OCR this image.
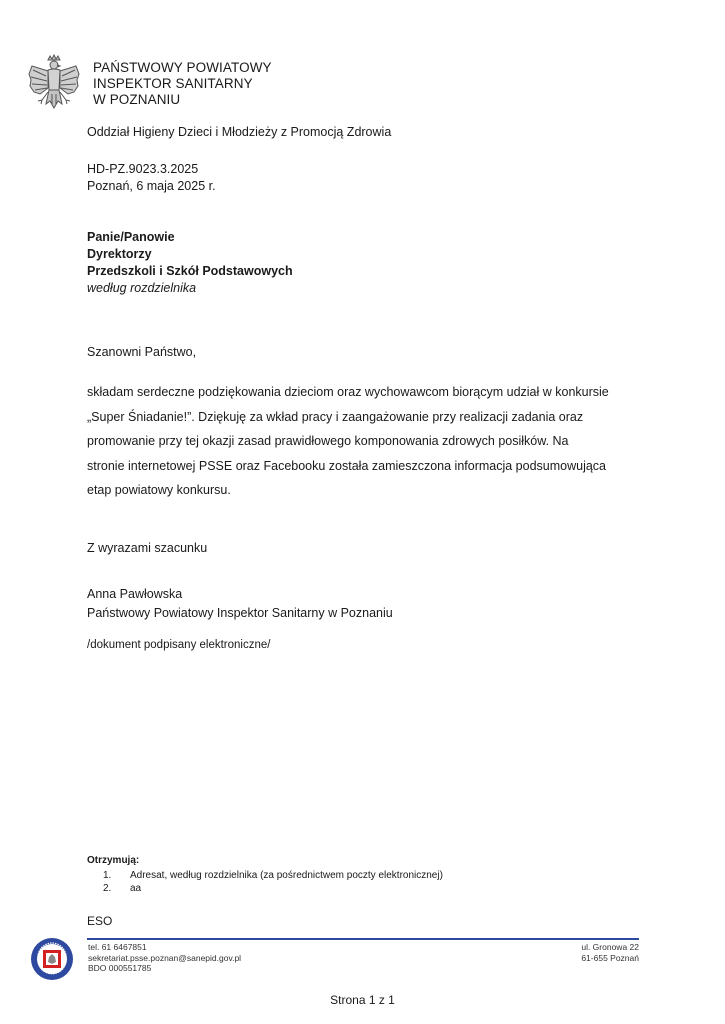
PAŃSTWOWY POWIATOWY
INSPEKTOR SANITARNY
W POZNANIU
Oddział Higieny Dzieci i Młodzieży z Promocją Zdrowia
HD-PZ.9023.3.2025
Poznań, 6 maja 2025 r.
Panie/Panowie
Dyrektorzy
Przedszkoli i Szkół Podstawowych
według rozdzielnika
Szanowni Państwo,
składam serdeczne podziękowania dzieciom oraz wychowawcom biorącym udział w konkursie
„Super Śniadanie!”. Dziękuję za wkład pracy i zaangażowanie przy realizacji zadania oraz
promowanie przy tej okazji zasad prawidłowego komponowania zdrowych posiłków. Na
stronie internetowej PSSE oraz Facebooku została zamieszczona informacja podsumowująca
etap powiatowy konkursu.
Z wyrazami szacunku
Anna Pawłowska
Państwowy Powiatowy Inspektor Sanitarny w Poznaniu
/dokument podpisany elektroniczne/
Otrzymują:
1.	Adresat, według rozdzielnika (za pośrednictwem poczty elektronicznej)
2.	aa
ESO
tel. 61 6467851
sekretariat.psse.poznan@sanepid.gov.pl
BDO 000551785
ul. Gronowa 22
61-655 Poznań
Strona 1 z 1
